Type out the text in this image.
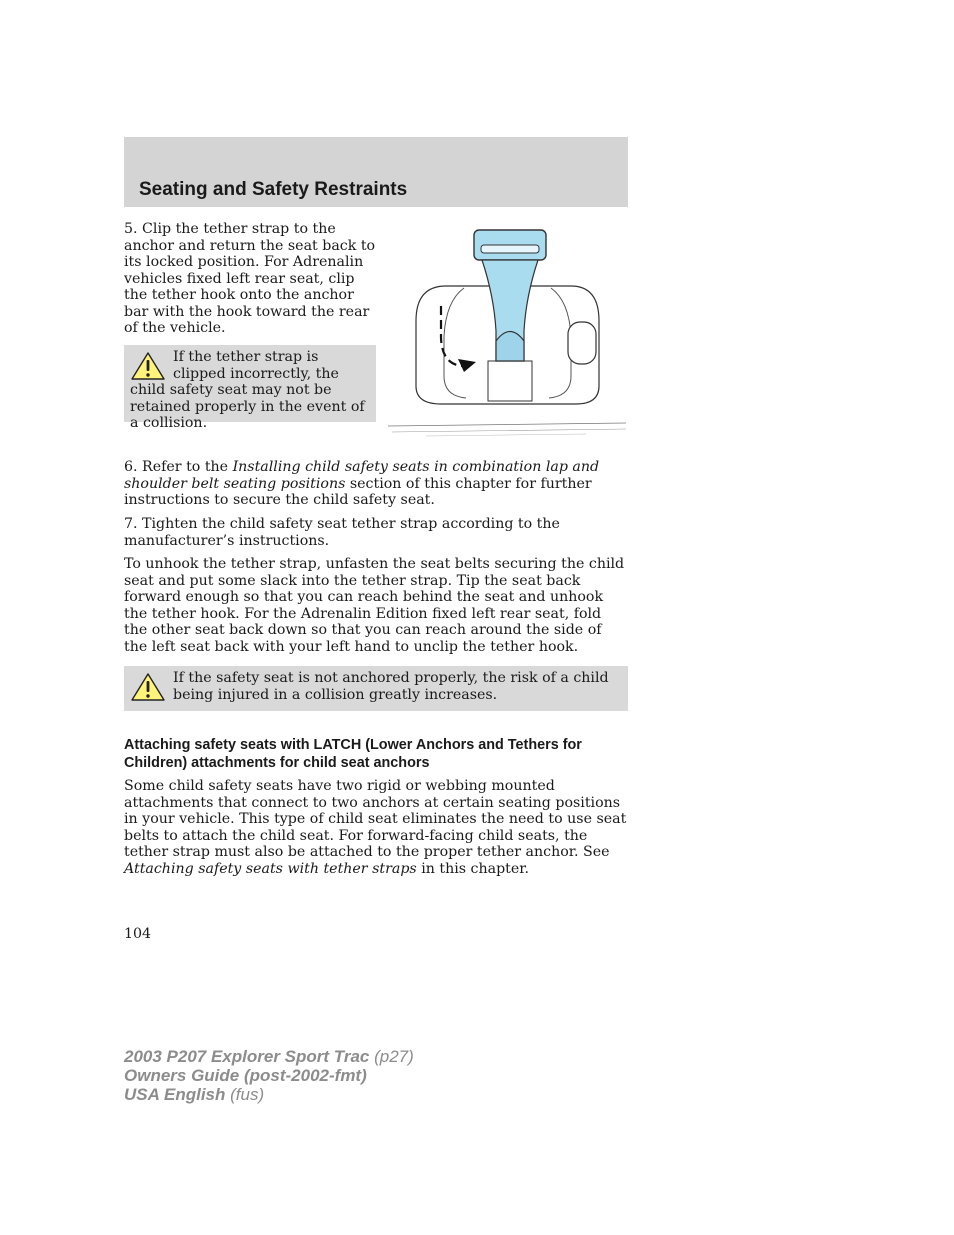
Seating and Safety Restraints

5. Clip the tether strap to the anchor and return the seat back to its locked position. For Adrenalin vehicles fixed left rear seat, clip the tether hook onto the anchor bar with the hook toward the rear of the vehicle.

If the tether strap is clipped incorrectly, the child safety seat may not be retained properly in the event of a collision.

6. Refer to the Installing child safety seats in combination lap and shoulder belt seating positions section of this chapter for further instructions to secure the child safety seat.

7. Tighten the child safety seat tether strap according to the manufacturer’s instructions.

To unhook the tether strap, unfasten the seat belts securing the child seat and put some slack into the tether strap. Tip the seat back forward enough so that you can reach behind the seat and unhook the tether hook. For the Adrenalin Edition fixed left rear seat, fold the other seat back down so that you can reach around the side of the left seat back with your left hand to unclip the tether hook.

If the safety seat is not anchored properly, the risk of a child being injured in a collision greatly increases.

Attaching safety seats with LATCH (Lower Anchors and Tethers for Children) attachments for child seat anchors

Some child safety seats have two rigid or webbing mounted attachments that connect to two anchors at certain seating positions in your vehicle. This type of child seat eliminates the need to use seat belts to attach the child seat. For forward-facing child seats, the tether strap must also be attached to the proper tether anchor. See Attaching safety seats with tether straps in this chapter.

104

2003 P207 Explorer Sport Trac (p27)
Owners Guide (post-2002-fmt)
USA English (fus)
